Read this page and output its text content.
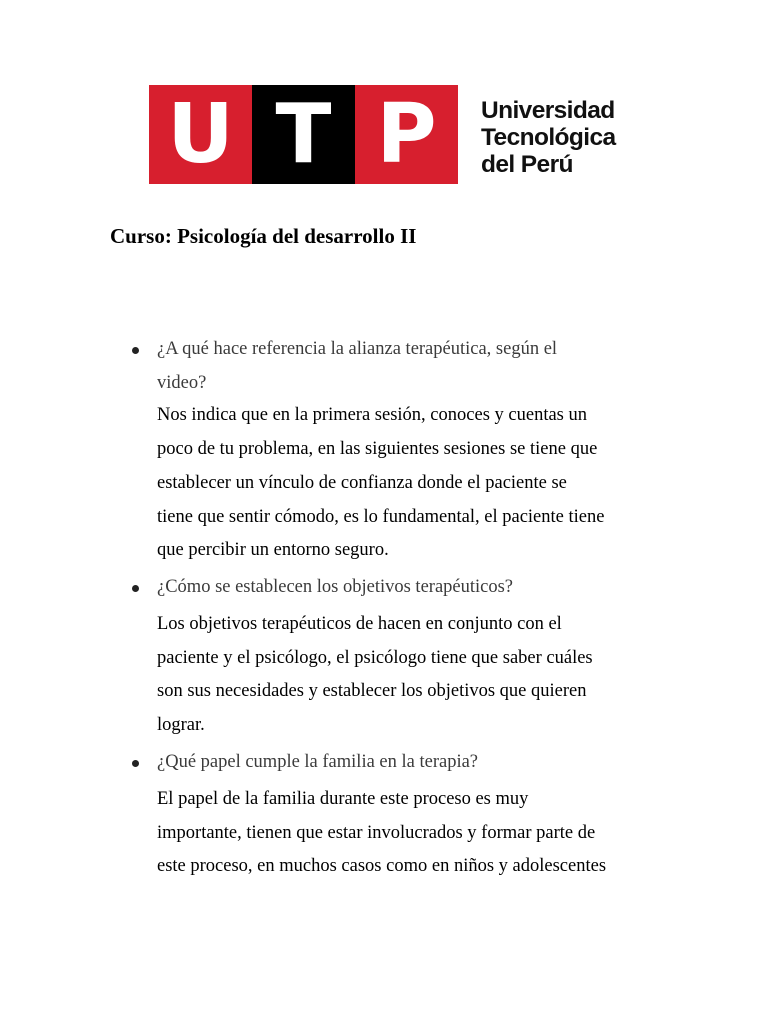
U T P	Universidad
Tecnológica
del Perú
Curso: Psicología del desarrollo II
¿A qué hace referencia la alianza terapéutica, según el
video?
Nos indica que en la primera sesión, conoces y cuentas un
poco de tu problema, en las siguientes sesiones se tiene que
establecer un vínculo de confianza donde el paciente se
tiene que sentir cómodo, es lo fundamental, el paciente tiene
que percibir un entorno seguro.
¿Cómo se establecen los objetivos terapéuticos?
Los objetivos terapéuticos de hacen en conjunto con el
paciente y el psicólogo, el psicólogo tiene que saber cuáles
son sus necesidades y establecer los objetivos que quieren
lograr.
¿Qué papel cumple la familia en la terapia?
El papel de la familia durante este proceso es muy
importante, tienen que estar involucrados y formar parte de
este proceso, en muchos casos como en niños y adolescentes
